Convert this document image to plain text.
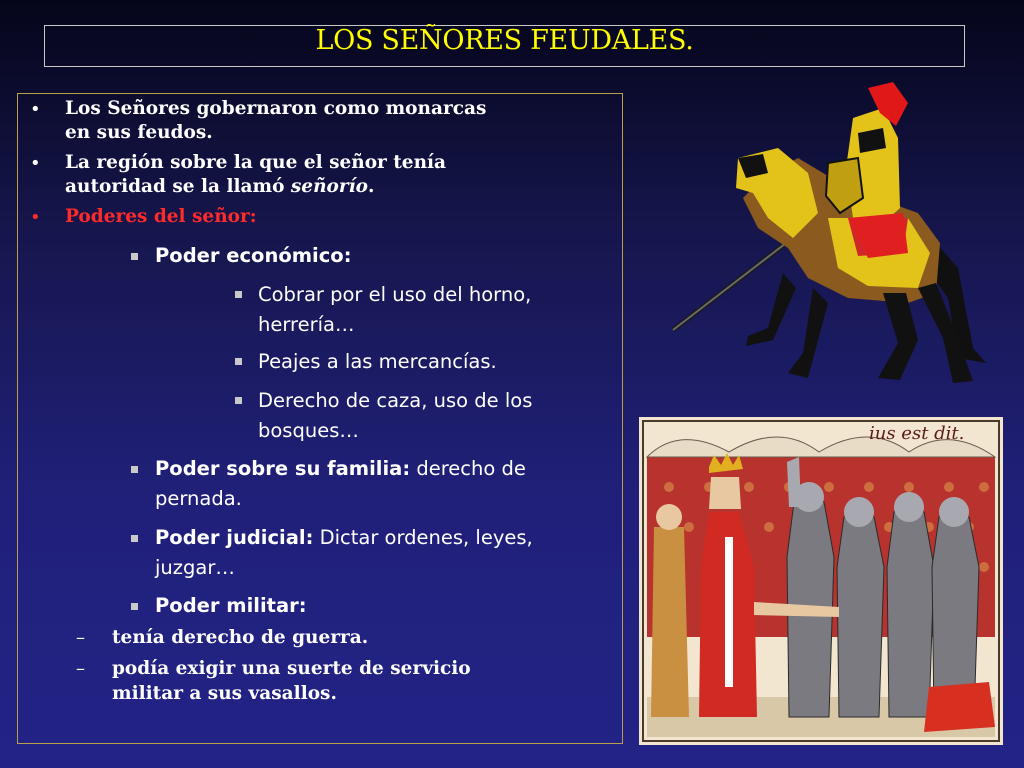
LOS SEÑORES FEUDALES.
• Los Señores gobernaron como monarcas
en sus feudos.
• La región sobre la que el señor tenía
autoridad se la llamó señorío.
• Poderes del señor:
Poder económico:
Cobrar por el uso del horno,
herrería…
Peajes a las mercancías.
Derecho de caza, uso de los
bosques…
Poder sobre su familia: derecho de
pernada.
Poder judicial: Dictar ordenes, leyes,
juzgar…
Poder militar:
– tenía derecho de guerra.
– podía exigir una suerte de servicio
militar a sus vasallos.
ius est dit.
